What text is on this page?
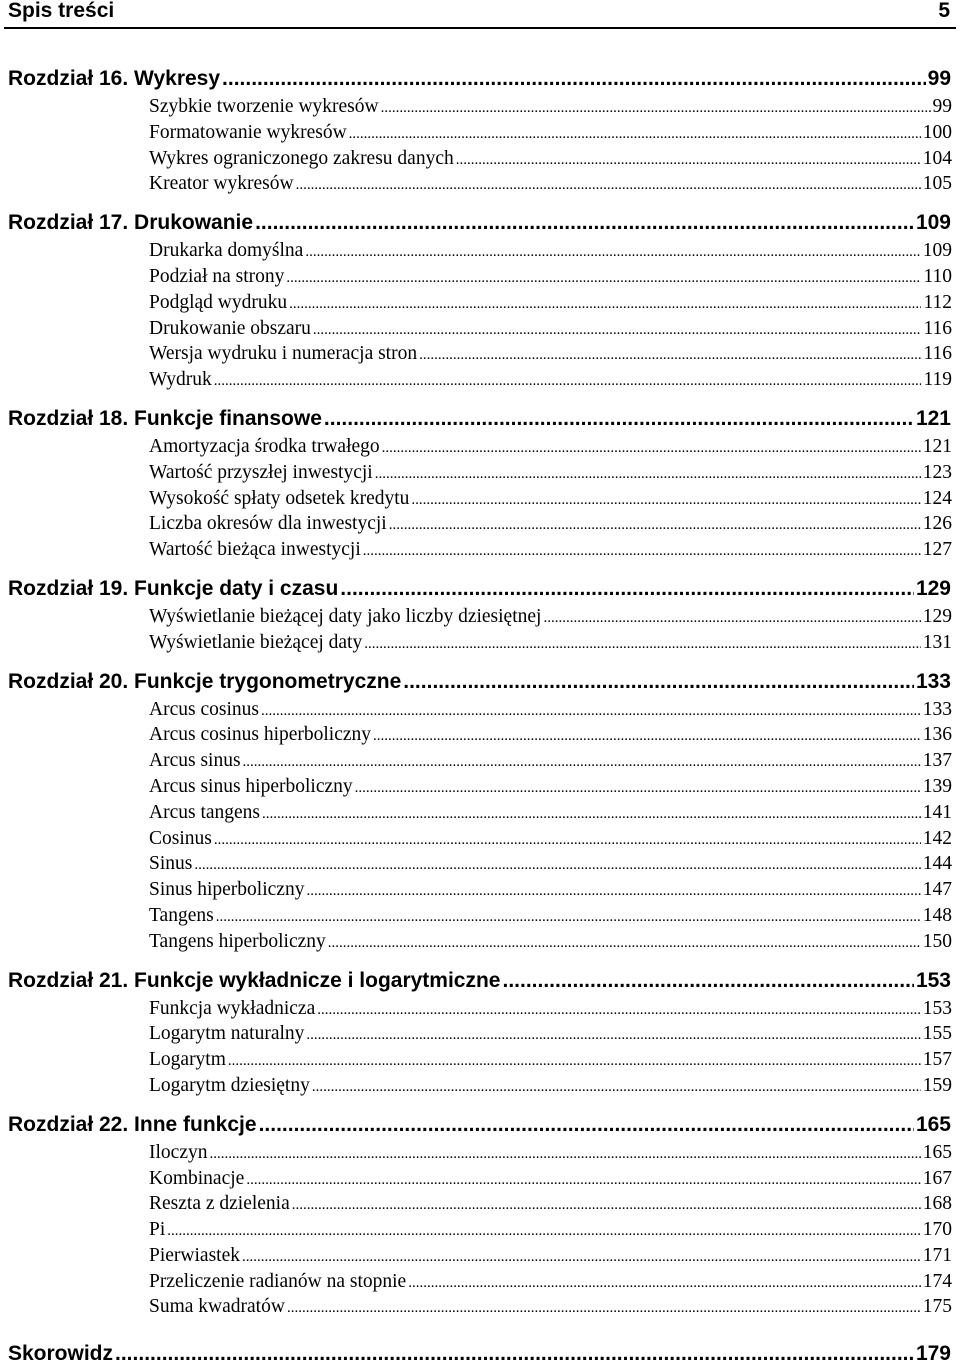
Spis treści	5
Rozdział 16. Wykresy .....	99
Szybkie tworzenie wykresów .....	99
Formatowanie wykresów .....	100
Wykres ograniczonego zakresu danych .....	104
Kreator wykresów .....	105
Rozdział 17. Drukowanie .....	109
Drukarka domyślna .....	109
Podział na strony .....	110
Podgląd wydruku .....	112
Drukowanie obszaru .....	116
Wersja wydruku i numeracja stron .....	116
Wydruk .....	119
Rozdział 18. Funkcje finansowe .....	121
Amortyzacja środka trwałego .....	121
Wartość przyszłej inwestycji .....	123
Wysokość spłaty odsetek kredytu .....	124
Liczba okresów dla inwestycji .....	126
Wartość bieżąca inwestycji .....	127
Rozdział 19. Funkcje daty i czasu .....	129
Wyświetlanie bieżącej daty jako liczby dziesiętnej .....	129
Wyświetlanie bieżącej daty .....	131
Rozdział 20. Funkcje trygonometryczne .....	133
Arcus cosinus .....	133
Arcus cosinus hiperboliczny .....	136
Arcus sinus .....	137
Arcus sinus hiperboliczny .....	139
Arcus tangens .....	141
Cosinus .....	142
Sinus .....	144
Sinus hiperboliczny .....	147
Tangens .....	148
Tangens hiperboliczny .....	150
Rozdział 21. Funkcje wykładnicze i logarytmiczne .....	153
Funkcja wykładnicza .....	153
Logarytm naturalny .....	155
Logarytm .....	157
Logarytm dziesiętny .....	159
Rozdział 22. Inne funkcje .....	165
Iloczyn .....	165
Kombinacje .....	167
Reszta z dzielenia .....	168
Pi .....	170
Pierwiastek .....	171
Przeliczenie radianów na stopnie .....	174
Suma kwadratów .....	175
Skorowidz .....	179
